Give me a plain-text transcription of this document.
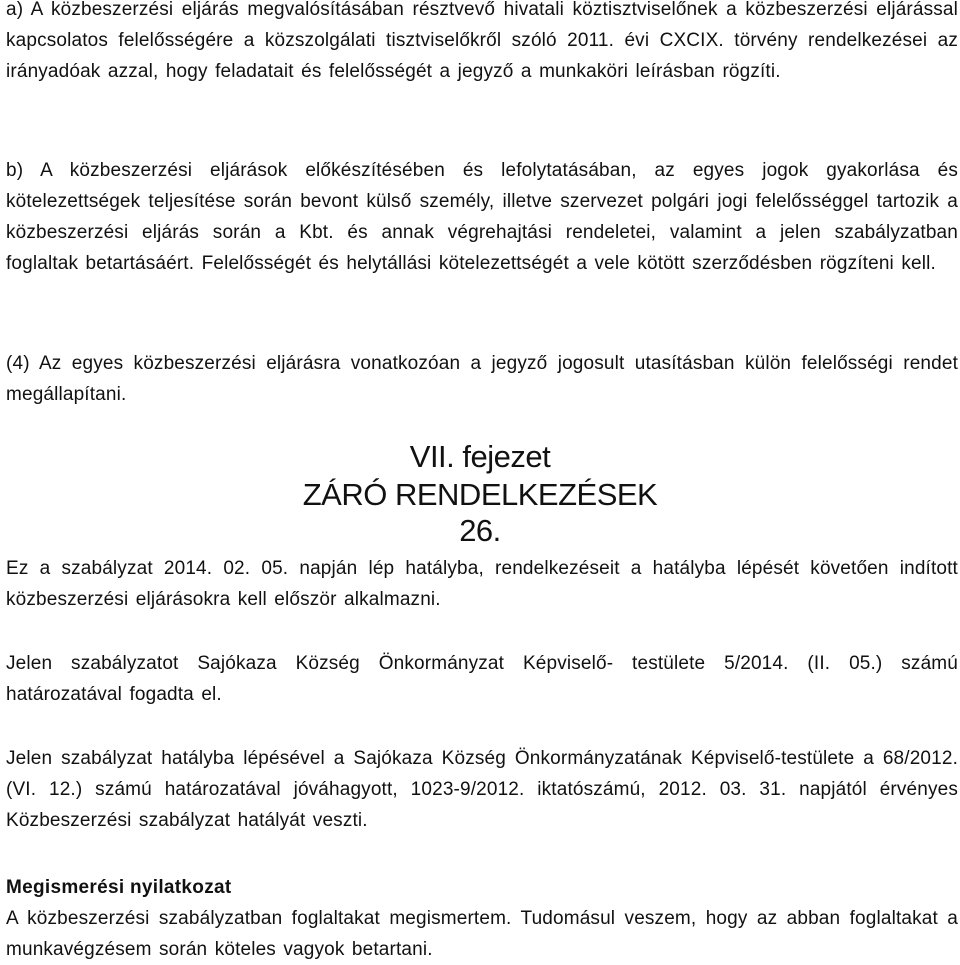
a) A közbeszerzési eljárás megvalósításában résztvevő hivatali köztisztviselőnek a közbeszerzési eljárással kapcsolatos felelősségére a közszolgálati tisztviselőkről szóló 2011. évi CXCIX. törvény rendelkezései az irányadóak azzal, hogy feladatait és felelősségét a jegyző a munkaköri leírásban rögzíti.
b) A közbeszerzési eljárások előkészítésében és lefolytatásában, az egyes jogok gyakorlása és kötelezettségek teljesítése során bevont külső személy, illetve szervezet polgári jogi felelősséggel tartozik a közbeszerzési eljárás során a Kbt. és annak végrehajtási rendeletei, valamint a jelen szabályzatban foglaltak betartásáért. Felelősségét és helytállási kötelezettségét a vele kötött szerződésben rögzíteni kell.
(4) Az egyes közbeszerzési eljárásra vonatkozóan a jegyző jogosult utasításban külön felelősségi rendet megállapítani.
VII. fejezet
ZÁRÓ RENDELKEZÉSEK
26.
Ez a szabályzat 2014. 02. 05. napján lép hatályba, rendelkezéseit a hatályba lépését követően indított közbeszerzési eljárásokra kell először alkalmazni.
Jelen szabályzatot Sajókaza Község Önkormányzat Képviselő- testülete 5/2014. (II. 05.) számú határozatával fogadta el.
Jelen szabályzat hatályba lépésével a Sajókaza Község Önkormányzatának Képviselő-testülete a 68/2012. (VI. 12.) számú határozatával jóváhagyott, 1023-9/2012. iktatószámú, 2012. 03. 31. napjától érvényes Közbeszerzési szabályzat hatályát veszti.
Megismerési nyilatkozat
A közbeszerzési szabályzatban foglaltakat megismertem. Tudomásul veszem, hogy az abban foglaltakat a munkavégzésem során köteles vagyok betartani.
